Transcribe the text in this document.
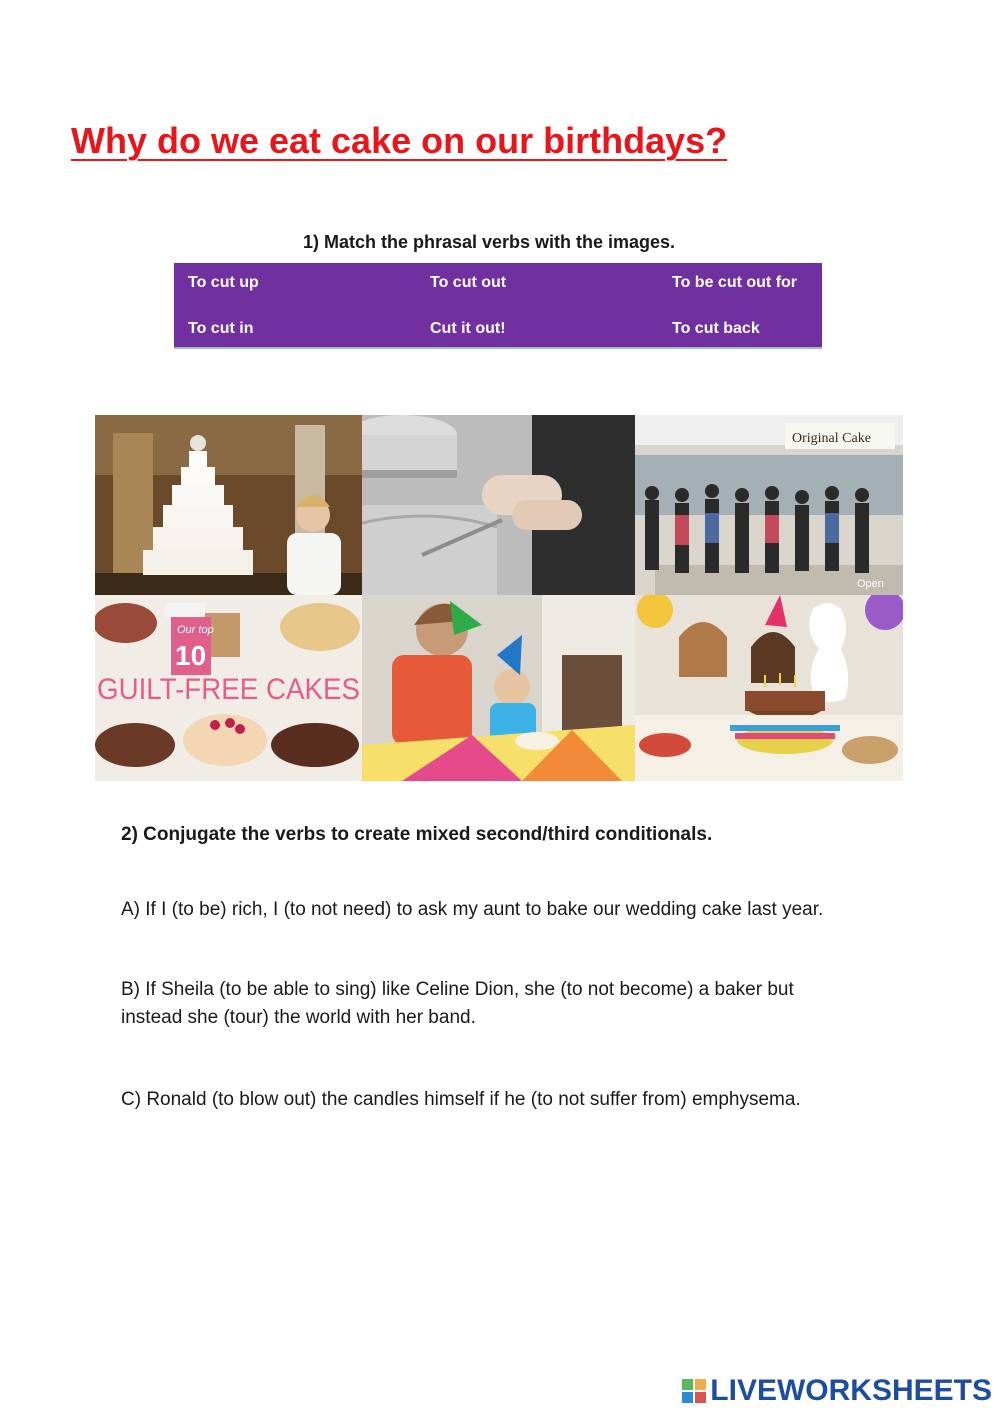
Why do we eat cake on our birthdays?
1) Match the phrasal verbs with the images.
To cut up	To cut out	To be cut out for
To cut in	Cut it out!	To cut back
Original Cake
Open
Our top
10
GUILT-FREE CAKES
2) Conjugate the verbs to create mixed second/third conditionals.
A) If I (to be) rich, I (to not need) to ask my aunt to bake our wedding cake last year.
B) If Sheila (to be able to sing) like Celine Dion, she (to not become) a baker but
instead she (tour) the world with her band.
C) Ronald (to blow out) the candles himself if he (to not suffer from) emphysema.
LIVEWORKSHEETS
